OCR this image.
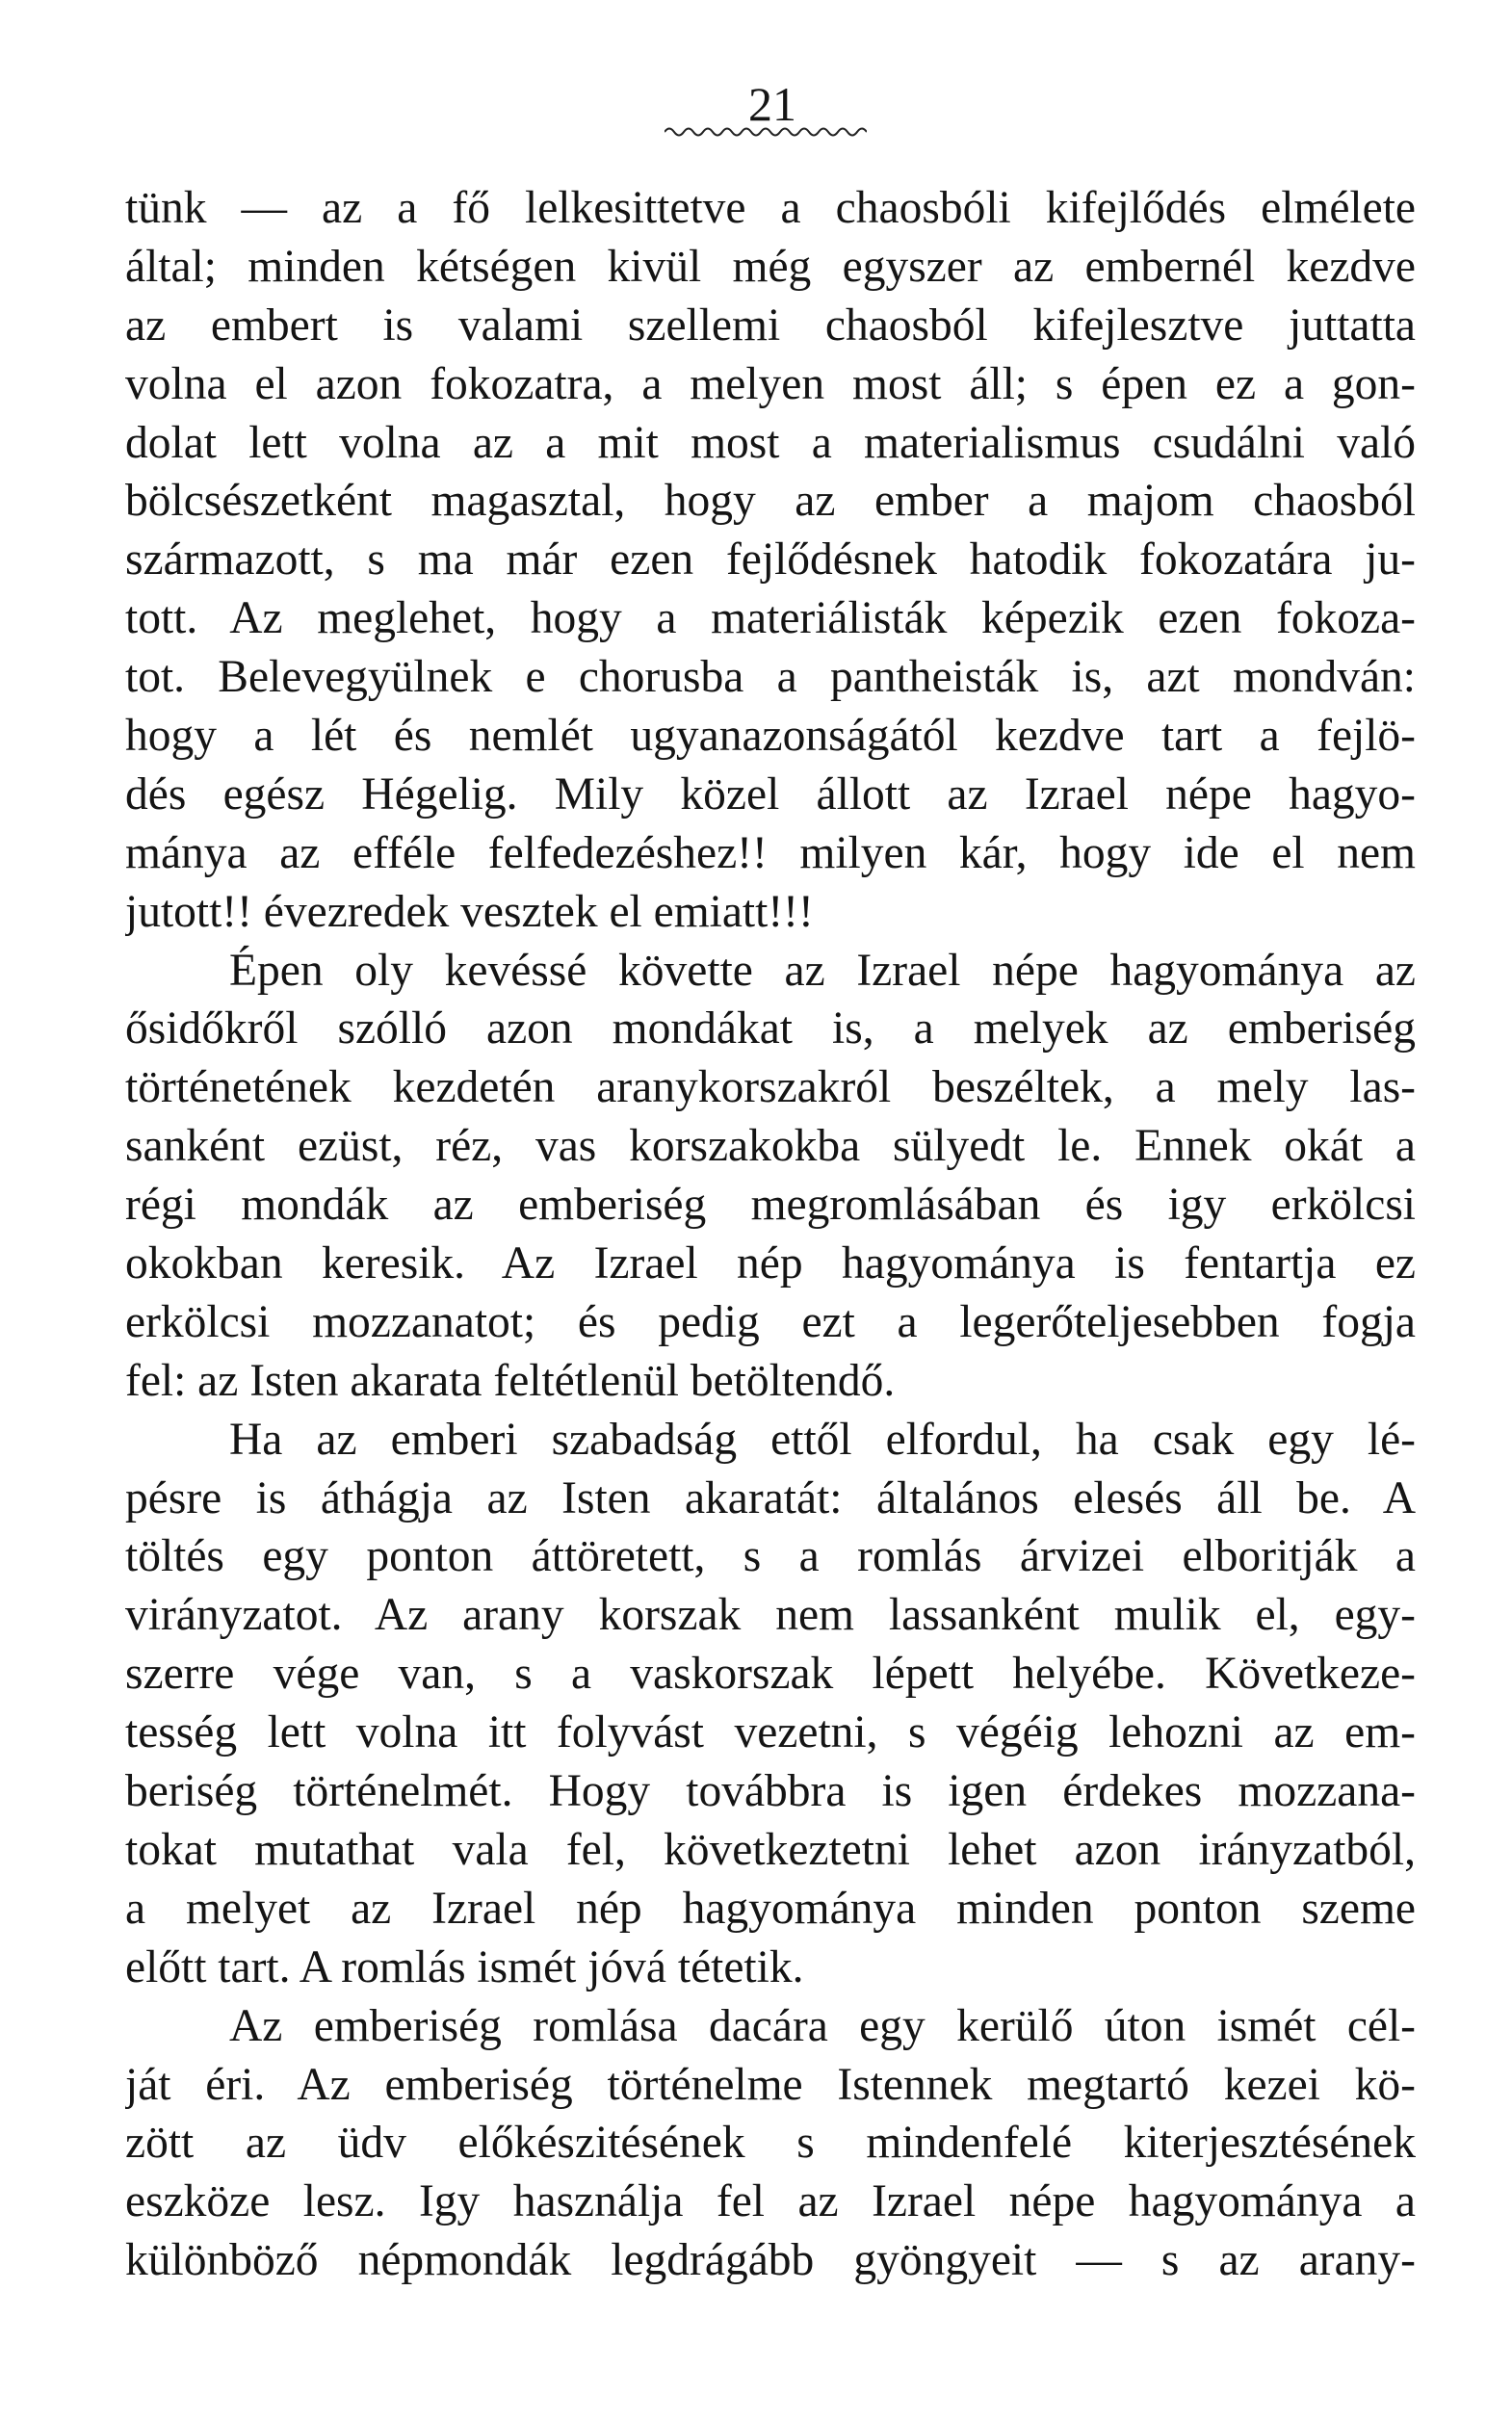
21
tünk — az a fő lelkesittetve a chaosbóli kifejlődés elmélete
által; minden kétségen kivül még egyszer az embernél kezdve
az embert is valami szellemi chaosból kifejlesztve juttatta
volna el azon fokozatra, a melyen most áll; s épen ez a gon-
dolat lett volna az a mit most a materialismus csudálni való
bölcsészetként magasztal, hogy az ember a majom chaosból
származott, s ma már ezen fejlődésnek hatodik fokozatára ju-
tott. Az meglehet, hogy a materiálisták képezik ezen fokoza-
tot. Belevegyülnek e chorusba a pantheisták is, azt mondván:
hogy a lét és nemlét ugyanazonságától kezdve tart a fejlö-
dés egész Hégelig. Mily közel állott az Izrael népe hagyo-
mánya az efféle felfedezéshez!! milyen kár, hogy ide el nem
jutott!! évezredek vesztek el emiatt!!!
Épen oly kevéssé követte az Izrael népe hagyománya az
ősidőkről szólló azon mondákat is, a melyek az emberiség
történetének kezdetén aranykorszakról beszéltek, a mely las-
sanként ezüst, réz, vas korszakokba sülyedt le. Ennek okát a
régi mondák az emberiség megromlásában és igy erkölcsi
okokban keresik. Az Izrael nép hagyománya is fentartja ez
erkölcsi mozzanatot; és pedig ezt a legerőteljesebben fogja
fel: az Isten akarata feltétlenül betöltendő.
Ha az emberi szabadság ettől elfordul, ha csak egy lé-
pésre is áthágja az Isten akaratát: általános elesés áll be. A
töltés egy ponton áttöretett, s a romlás árvizei elboritják a
virányzatot. Az arany korszak nem lassanként mulik el, egy-
szerre vége van, s a vaskorszak lépett helyébe. Következe-
tesség lett volna itt folyvást vezetni, s végéig lehozni az em-
beriség történelmét. Hogy továbbra is igen érdekes mozzana-
tokat mutathat vala fel, következtetni lehet azon irányzatból,
a melyet az Izrael nép hagyománya minden ponton szeme
előtt tart. A romlás ismét jóvá tétetik.
Az emberiség romlása dacára egy kerülő úton ismét cél-
ját éri. Az emberiség történelme Istennek megtartó kezei kö-
zött az üdv előkészitésének s mindenfelé kiterjesztésének
eszköze lesz. Igy használja fel az Izrael népe hagyománya a
különböző népmondák legdrágább gyöngyeit — s az arany-
